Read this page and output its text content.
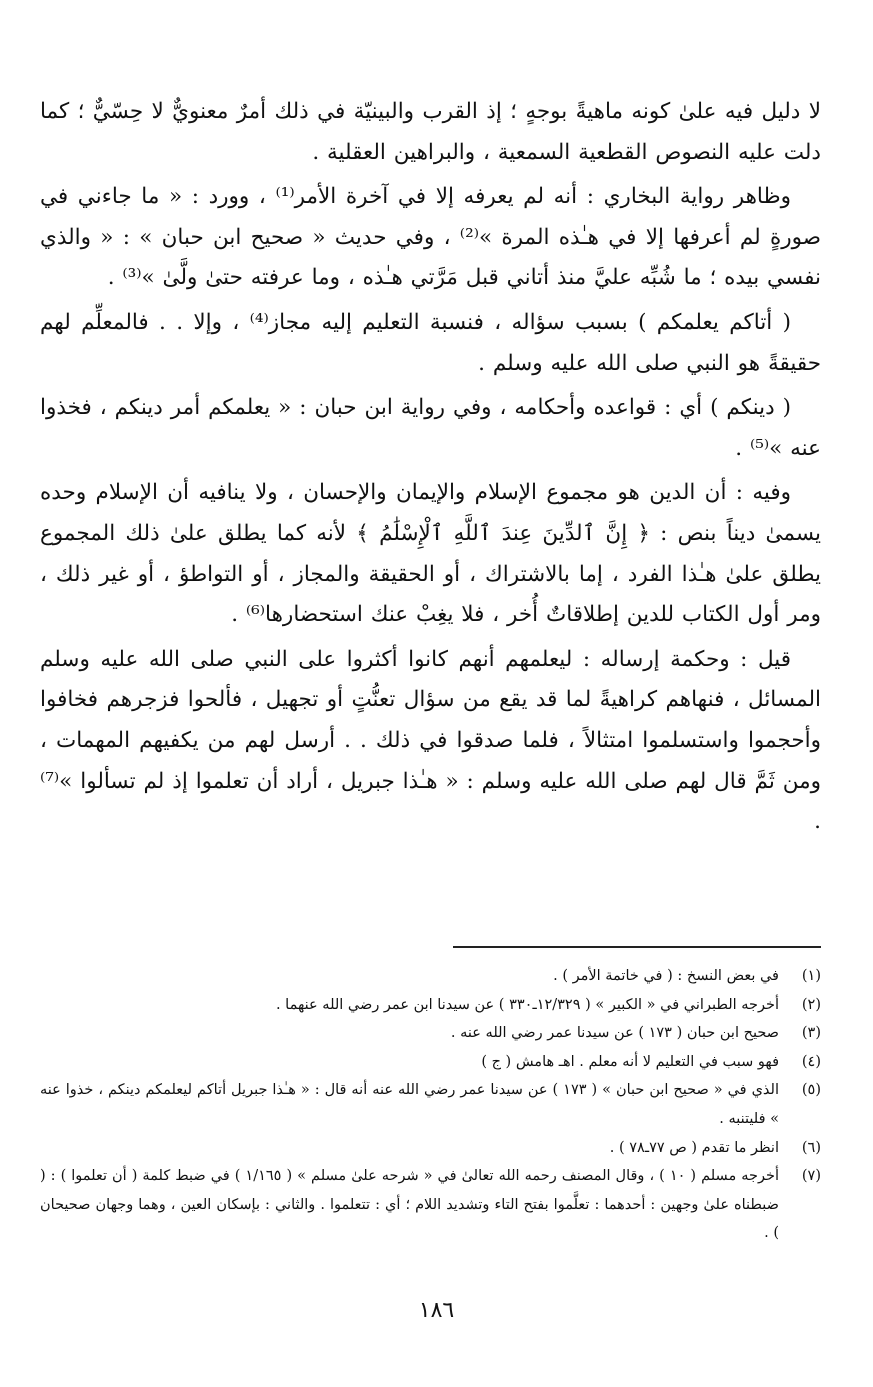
لا دليل فيه علىٰ كونه ماهيةً بوجهٍ ؛ إذ القرب والبينيّة في ذلك أمرٌ معنويٌّ لا حِسّيٌّ ؛ كما دلت عليه النصوص القطعية السمعية ، والبراهين العقلية .

وظاهر رواية البخاري : أنه لم يعرفه إلا في آخرة الأمر⁽¹⁾ ، وورد : « ما جاءني في صورةٍ لم أعرفها إلا في هـٰذه المرة »⁽²⁾ ، وفي حديث « صحيح ابن حبان » : « والذي نفسي بيده ؛ ما شُبِّه عليَّ منذ أتاني قبل مَرَّتي هـٰذه ، وما عرفته حتىٰ ولَّىٰ »⁽³⁾ .

( أتاكم يعلمكم ) بسبب سؤاله ، فنسبة التعليم إليه مجاز⁽⁴⁾ ، وإلا . . فالمعلِّم لهم حقيقةً هو النبي صلى الله عليه وسلم .

( دينكم ) أي : قواعده وأحكامه ، وفي رواية ابن حبان : « يعلمكم أمر دينكم ، فخذوا عنه »⁽⁵⁾ .

وفيه : أن الدين هو مجموع الإسلام والإيمان والإحسان ، ولا ينافيه أن الإسلام وحده يسمىٰ ديناً بنص : ﴿ إِنَّ ٱلدِّينَ عِندَ ٱللَّهِ ٱلْإِسْلَٰمُ ﴾ لأنه كما يطلق علىٰ ذلك المجموع يطلق علىٰ هـٰذا الفرد ، إما بالاشتراك ، أو الحقيقة والمجاز ، أو التواطؤ ، أو غير ذلك ، ومر أول الكتاب للدين إطلاقاتٌ أُخر ، فلا يغِبْ عنك استحضارها⁽⁶⁾ .

قيل : وحكمة إرساله : ليعلمهم أنهم كانوا أكثروا على النبي صلى الله عليه وسلم المسائل ، فنهاهم كراهيةً لما قد يقع من سؤال تعنُّتٍ أو تجهيل ، فألحوا فزجرهم فخافوا وأحجموا واستسلموا امتثالاً ، فلما صدقوا في ذلك . . أرسل لهم من يكفيهم المهمات ، ومن ثَمَّ قال لهم صلى الله عليه وسلم : « هـٰذا جبريل ، أراد أن تعلموا إذ لم تسألوا »⁽⁷⁾ .

(١)
في بعض النسخ : ( في خاتمة الأمر ) .
(٢)
أخرجه الطبراني في « الكبير » ( ١٢/٣٢٩ـ٣٣٠ ) عن سيدنا ابن عمر رضي الله عنهما .
(٣)
صحيح ابن حبان ( ١٧٣ ) عن سيدنا عمر رضي الله عنه .
(٤)
فهو سبب في التعليم لا أنه معلم . اهـ هامش ( ج )
(٥)
الذي في « صحيح ابن حبان » ( ١٧٣ ) عن سيدنا عمر رضي الله عنه أنه قال : « هـٰذا جبريل أتاكم ليعلمكم دينكم ، خذوا عنه » فليتنبه .
(٦)
انظر ما تقدم ( ص ٧٧ـ٧٨ ) .
(٧)
أخرجه مسلم ( ١٠ ) ، وقال المصنف رحمه الله تعالىٰ في « شرحه علىٰ مسلم » ( ١/١٦٥ ) في ضبط كلمة ( أن تعلموا ) : ( ضبطناه علىٰ وجهين : أحدهما : تعلَّموا بفتح التاء وتشديد اللام ؛ أي : تتعلموا . والثاني : بإسكان العين ، وهما وجهان صحيحان ) .
١٨٦
